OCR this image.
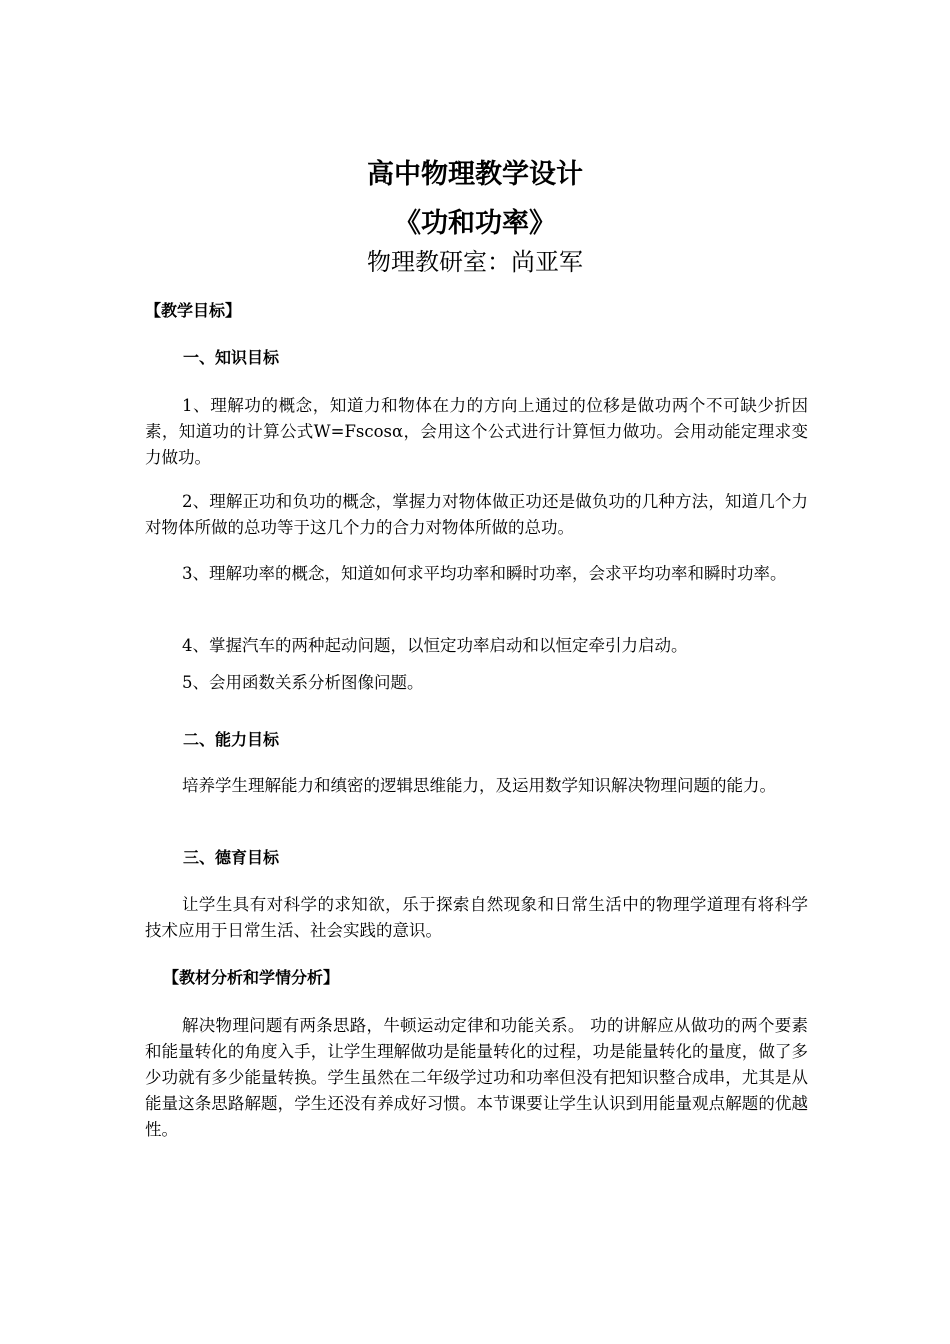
高中物理教学设计
《功和功率》
物理教研室：尚亚军
【教学目标】
一、知识目标
1、理解功的概念，知道力和物体在力的方向上通过的位移是做功两个不可缺少折因素，知道功的计算公式W=Fscosα，会用这个公式进行计算恒力做功。会用动能定理求变力做功。
2、理解正功和负功的概念，掌握力对物体做正功还是做负功的几种方法，知道几个力对物体所做的总功等于这几个力的合力对物体所做的总功。
3、理解功率的概念，知道如何求平均功率和瞬时功率，会求平均功率和瞬时功率。
4、掌握汽车的两种起动问题，以恒定功率启动和以恒定牵引力启动。
5、会用函数关系分析图像问题。
二、能力目标
培养学生理解能力和缜密的逻辑思维能力，及运用数学知识解决物理问题的能力。
三、德育目标
让学生具有对科学的求知欲，乐于探索自然现象和日常生活中的物理学道理有将科学技术应用于日常生活、社会实践的意识。
【教材分析和学情分析】
解决物理问题有两条思路，牛顿运动定律和功能关系。 功的讲解应从做功的两个要素和能量转化的角度入手，让学生理解做功是能量转化的过程，功是能量转化的量度，做了多少功就有多少能量转换。学生虽然在二年级学过功和功率但没有把知识整合成串，尤其是从能量这条思路解题，学生还没有养成好习惯。本节课要让学生认识到用能量观点解题的优越性。
